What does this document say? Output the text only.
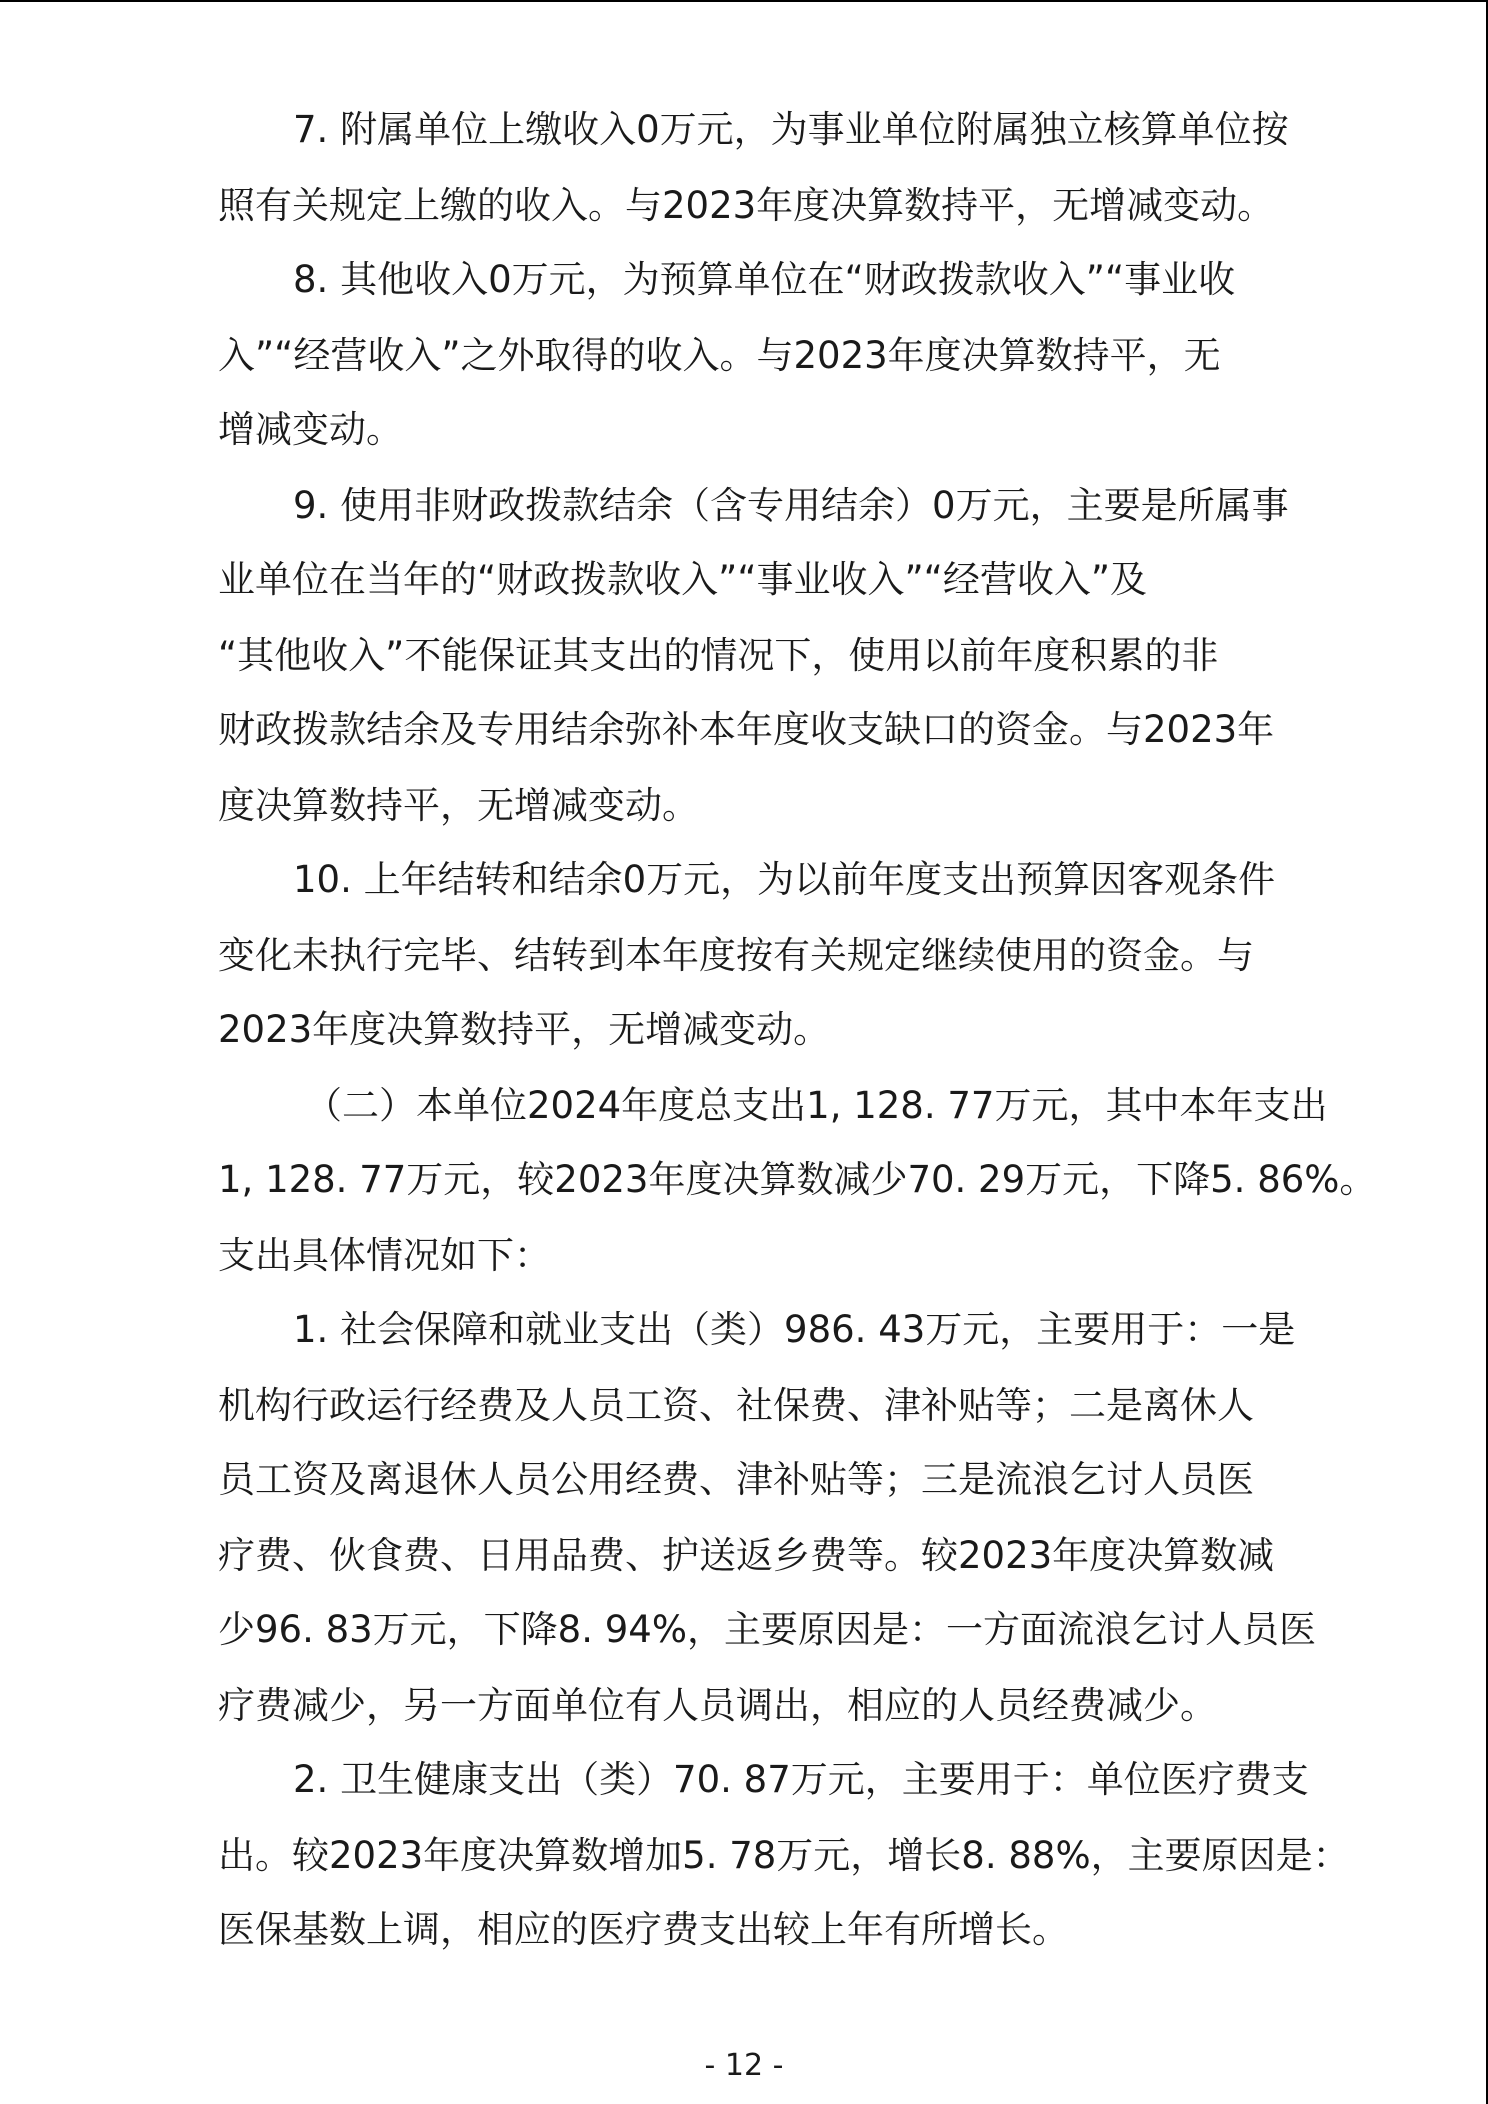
7. 附属单位上缴收入0万元，为事业单位附属独立核算单位按

照有关规定上缴的收入。与2023年度决算数持平，无增减变动。

8. 其他收入0万元，为预算单位在“财政拨款收入”“事业收

入”“经营收入”之外取得的收入。与2023年度决算数持平，无

增减变动。

9. 使用非财政拨款结余（含专用结余）0万元，主要是所属事

业单位在当年的“财政拨款收入”“事业收入”“经营收入”及

“其他收入”不能保证其支出的情况下，使用以前年度积累的非

财政拨款结余及专用结余弥补本年度收支缺口的资金。与2023年

度决算数持平，无增减变动。

10. 上年结转和结余0万元，为以前年度支出预算因客观条件

变化未执行完毕、结转到本年度按有关规定继续使用的资金。与

2023年度决算数持平，无增减变动。

（二）本单位2024年度总支出1, 128. 77万元，其中本年支出

1, 128. 77万元，较2023年度决算数减少70. 29万元，下降5. 86%。

支出具体情况如下：

1. 社会保障和就业支出（类）986. 43万元，主要用于：一是

机构行政运行经费及人员工资、社保费、津补贴等；二是离休人

员工资及离退休人员公用经费、津补贴等；三是流浪乞讨人员医

疗费、伙食费、日用品费、护送返乡费等。较2023年度决算数减

少96. 83万元，下降8. 94%，主要原因是：一方面流浪乞讨人员医

疗费减少，另一方面单位有人员调出，相应的人员经费减少。

2. 卫生健康支出（类）70. 87万元，主要用于：单位医疗费支

出。较2023年度决算数增加5. 78万元，增长8. 88%，主要原因是：

医保基数上调，相应的医疗费支出较上年有所增长。

- 12 -
